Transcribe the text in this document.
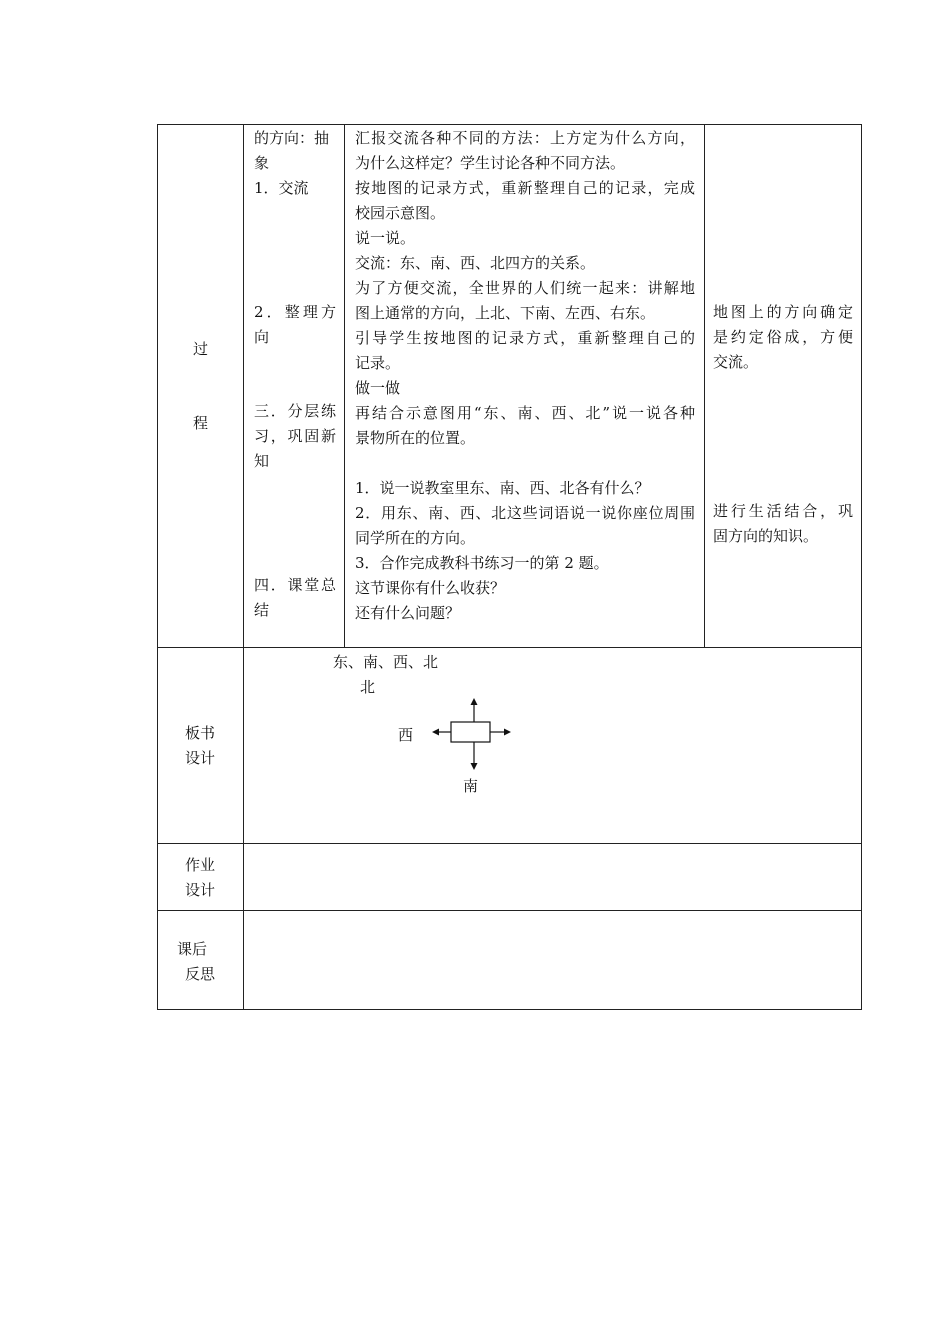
过
程
的方向：抽
象
1．交流
2．整理方
向
三．分层练
习，巩固新
知
四．课堂总
结
汇报交流各种不同的方法：上方定为什么方向，
为什么这样定？学生讨论各种不同方法。
按地图的记录方式，重新整理自己的记录，完成
校园示意图。
说一说。
交流：东、南、西、北四方的关系。
为了方便交流，全世界的人们统一起来：讲解地
图上通常的方向，上北、下南、左西、右东。
引导学生按地图的记录方式，重新整理自己的
记录。
做一做
再结合示意图用“东、南、西、北”说一说各种
景物所在的位置。
1．说一说教室里东、南、西、北各有什么？
2．用东、南、西、北这些词语说一说你座位周围
同学所在的方向。
3．合作完成教科书练习一的第 2 题。
这节课你有什么收获？
还有什么问题？
地图上的方向确定
是约定俗成，方便
交流。
进行生活结合，巩
固方向的知识。
板书
设计
东、南、西、北
北
西
南
作业
设计
课后
反思
